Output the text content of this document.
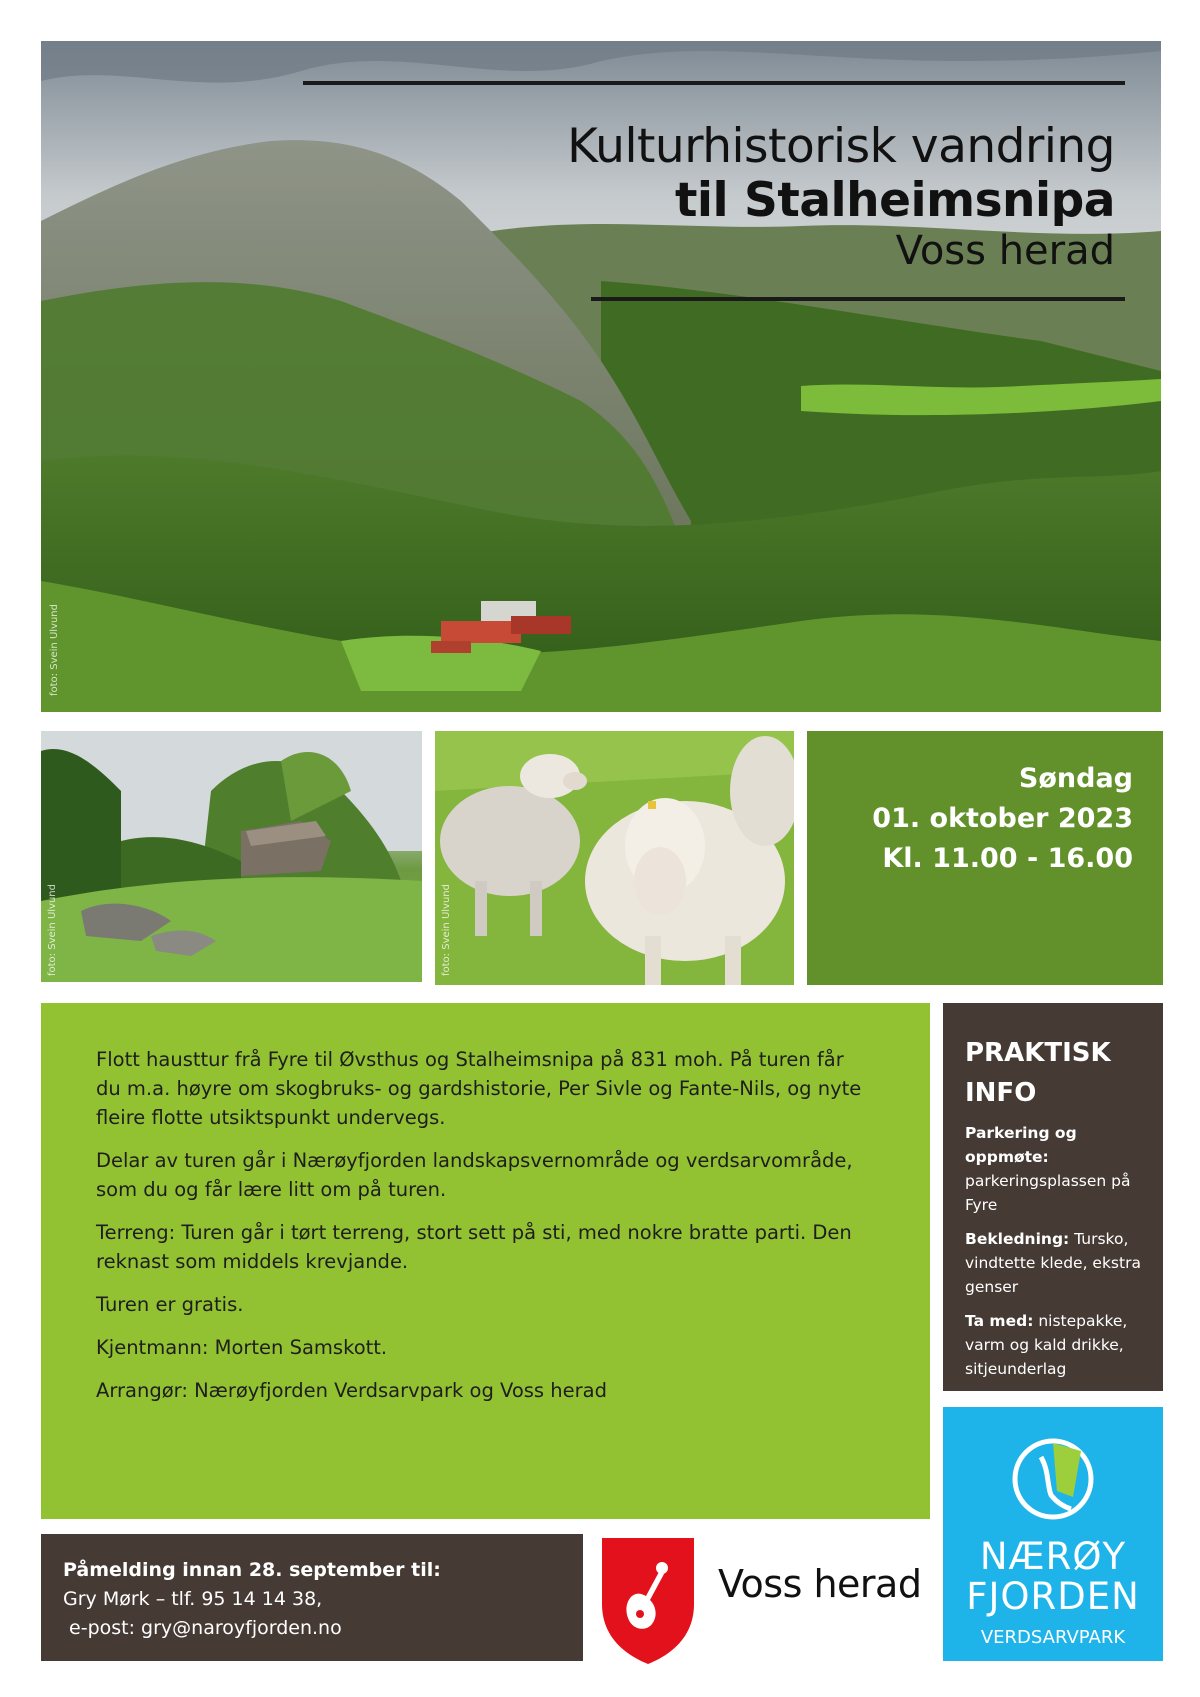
Kulturhistorisk vandring
til Stalheimsnipa
Voss herad
foto: Svein Ulvund
foto: Svein Ulvund	foto: Svein Ulvund
Søndag
01. oktober 2023
Kl. 11.00 - 16.00

Flott hausttur frå Fyre til Øvsthus og Stalheimsnipa på 831 moh. På turen får du m.a. høyre om skogbruks- og gardshistorie, Per Sivle og Fante-Nils, og nyte fleire flotte utsiktspunkt undervegs.

Delar av turen går i Nærøyfjorden landskapsvernområde og verdsarvområde, som du og får lære litt om på turen.

Terreng: Turen går i tørt terreng, stort sett på sti, med nokre bratte parti. Den reknast som middels krevjande.

Turen er gratis.

Kjentmann: Morten Samskott.

Arrangør: Nærøyfjorden Verdsarvpark og Voss herad

PRAKTISK
INFO
Parkering og oppmøte:
parkeringsplassen på Fyre
Bekledning: Tursko, vindtette klede, ekstra genser
Ta med: nistepakke, varm og kald drikke, sitjeunderlag
NÆRØY
FJORDEN
VERDSARVPARK
Påmelding innan 28. september til:
Gry Mørk – tlf. 95 14 14 38,
e-post: gry@naroyfjorden.no
Voss herad
